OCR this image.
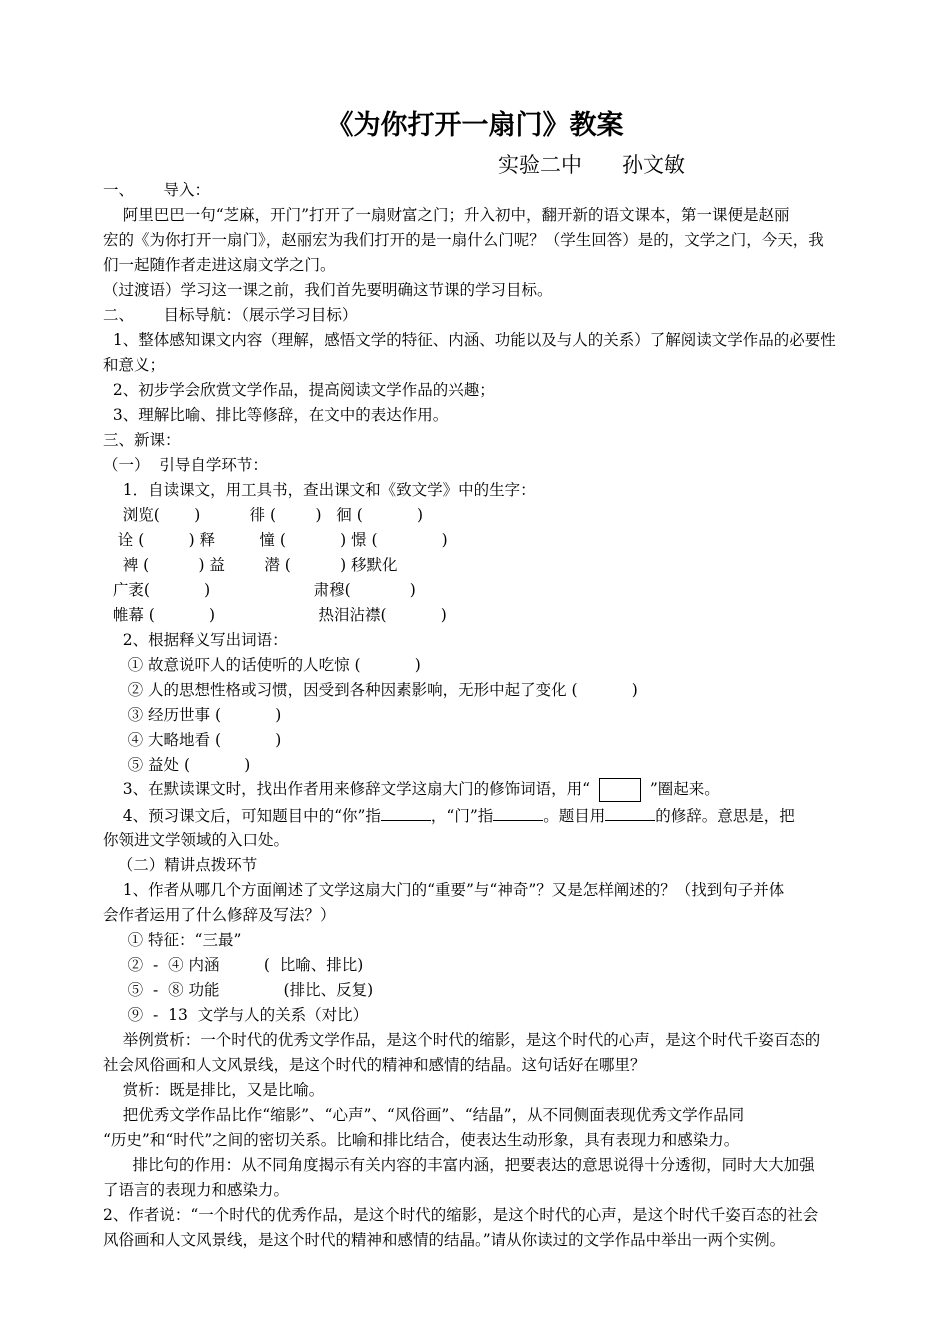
《为你打开一扇门》教案
实验二中      孙文敏
一、      导入：
阿里巴巴一句“芝麻，开门”打开了一扇财富之门；升入初中，翻开新的语文课本，第一课便是赵丽
宏的《为你打开一扇门》，赵丽宏为我们打开的是一扇什么门呢？（学生回答）是的，文学之门，今天，我
们一起随作者走进这扇文学之门。
（过渡语）学习这一课之前，我们首先要明确这节课的学习目标。
二、      目标导航：（展示学习目标）
1、整体感知课文内容（理解，感悟文学的特征、内涵、功能以及与人的关系）了解阅读文学作品的必要性
和意义；
2、初步学会欣赏文学作品，提高阅读文学作品的兴趣；
3、理解比喻、排比等修辞，在文中的表达作用。
三、新课：
（一）  引导自学环节：
1．自读课文，用工具书，查出课文和《致文学》中的生字：
浏览(       )          徘 (        )   徊 (           )
诠 (         ) 释         憧 (           ) 憬 (             )
裨 (          ) 益        潜 (          ) 移默化
广袤(           )                     肃穆(            )
帷幕 (           )                     热泪沾襟(           )
2、根据释义写出词语：
① 故意说吓人的话使听的人吃惊 (           )
② 人的思想性格或习惯，因受到各种因素影响，无形中起了变化 (           )
③ 经历世事 (           )
④ 大略地看 (           )
⑤ 益处 (           )
3、在默读课文时，找出作者用来修辞文学这扇大门的修饰词语，用“	”圈起来。
4、预习课文后，可知题目中的“你”指	，“门”指	。题目用	的修辞。意思是，把
你领进文学领域的入口处。
（二）精讲点拨环节
1、作者从哪几个方面阐述了文学这扇大门的“重要”与“神奇”？又是怎样阐述的？（找到句子并体
会作者运用了什么修辞及写法？）
① 特征：“三最”
②  -  ④ 内涵         (  比喻、排比)
⑤  -  ⑧ 功能             (排比、反复)
⑨  -  13  文学与人的关系（对比）
举例赏析：一个时代的优秀文学作品，是这个时代的缩影，是这个时代的心声，是这个时代千姿百态的
社会风俗画和人文风景线，是这个时代的精神和感情的结晶。这句话好在哪里？
赏析：既是排比，又是比喻。
把优秀文学作品比作“缩影”、“心声”、“风俗画”、“结晶”，从不同侧面表现优秀文学作品同
“历史”和“时代”之间的密切关系。比喻和排比结合，使表达生动形象，具有表现力和感染力。
排比句的作用：从不同角度揭示有关内容的丰富内涵，把要表达的意思说得十分透彻，同时大大加强
了语言的表现力和感染力。
2、作者说：“一个时代的优秀作品，是这个时代的缩影，是这个时代的心声，是这个时代千姿百态的社会
风俗画和人文风景线，是这个时代的精神和感情的结晶。”请从你读过的文学作品中举出一两个实例。
